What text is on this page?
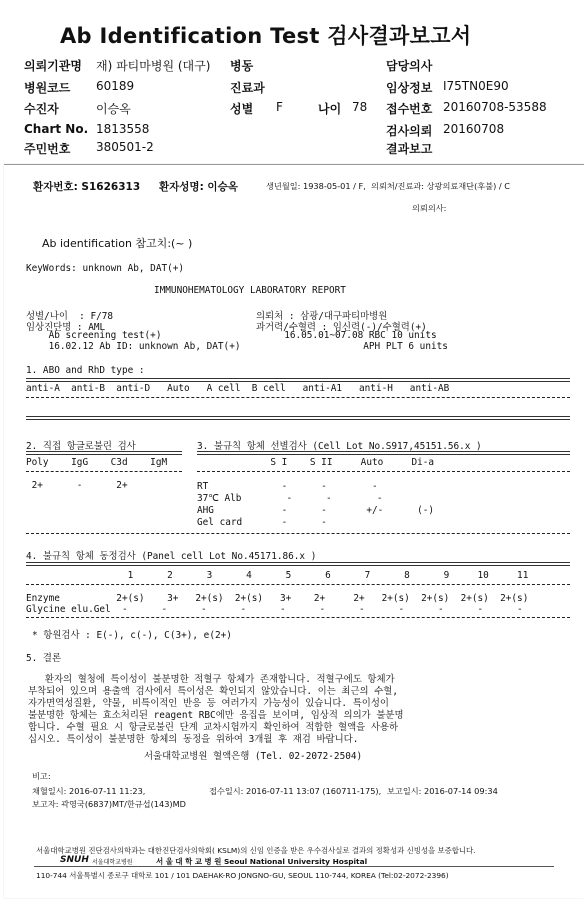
Ab Identification Test 검사결과보고서
의뢰기관명 재) 파티마병원 (대구) 병동	담당의사
병원코드 60189	진료과	임상정보 I75TN0E90
수진자	이승옥	성별 F	나이 78 접수번호 20160708-53588
Chart No. 1813558	검사의뢰 20160708
주민번호 380501-2	결과보고
환자번호: S1626313 환자성명: 이승옥	생년월일: 1938-05-01 / F,  의뢰처/진료과: 상광의료재단(후불) / C
의뢰의사:
Ab identification 참고치:(~ )
KeyWords: unknown Ab, DAT(+)
IMMUNOHEMATOLOGY LABORATORY REPORT
성별/나이  : F/78
임상진단명 : AML
Ab screening test(+)
16.02.12 Ab ID: unknown Ab, DAT(+)
의뢰처 : 삼광/대구파티마병원
과거력/수혈력 : 임신력(-)/수혈력(+)
16.05.01~07.08 RBC 10 units
APH PLT 6 units
1. ABO and RhD type :
anti-A  anti-B  anti-D   Auto   A cell  B cell   anti-A1   anti-H   anti-AB
2. 직접 항글로불린 검사
Poly    IgG    C3d    IgM
2+      -      2+
3. 불규칙 항체 선별검사 (Cell Lot No.S917,45151.56.x )
S I    S II     Auto     Di-a
RT             -      -        -
37℃ Alb        -      -        -
AHG            -      -       +/-      (-)
Gel card       -      -
4. 불규칙 항체 동정검사 (Panel cell Lot No.45171.86.x )
1      2      3      4      5      6      7      8      9     10     11
Enzyme          2+(s)    3+   2+(s)  2+(s)   3+    2+     2+   2+(s)  2+(s)  2+(s)  2+(s)
Glycine elu.Gel  -      -      -      -      -      -      -      -      -      -      -
* 항원검사 : E(-), c(-), C(3+), e(2+)
5. 결론
환자의 혈청에 특이성이 불분명한 적혈구 항체가 존재합니다. 적혈구에도 항체가
부착되어 있으며 용출액 검사에서 특이성은 확인되지 않았습니다. 이는 최근의 수혈,
자가면역성질환, 약물, 비특이적인 반응 등 여러가지 가능성이 있습니다. 특이성이
불분명한 항체는 효소처리된 reagent RBC에만 응집을 보이며, 임상적 의의가 불분명
합니다. 수혈 필요 시 항글로불린 단계 교차시험까지 확인하여 적합한 혈액을 사용하
십시오. 특이성이 불분명한 항체의 동정을 위하여 3개월 후 재검 바랍니다.
서울대학교병원 혈액은행 (Tel. 02-2072-2504)
비고:
채혈일시: 2016-07-11 11:23,	접수일시: 2016-07-11 13:07 (160711-175), 보고일시: 2016-07-14 09:34
보고자: 곽영국(6837)MT/한규섭(143)MD
서울대학교병원 진단검사의학과는 대한진단검사의학회( KSLM)의 신임 인증을 받은 우수검사실로 결과의 정확성과 신빙성을 보증합니다.
SNUH 서울대학교병원	서 울 대 학 교 병 원 Seoul National University Hospital
110-744 서울특별시 종로구 대학로 101 / 101 DAEHAK-RO JONGNO-GU, SEOUL 110-744, KOREA (Tel:02-2072-2396)
